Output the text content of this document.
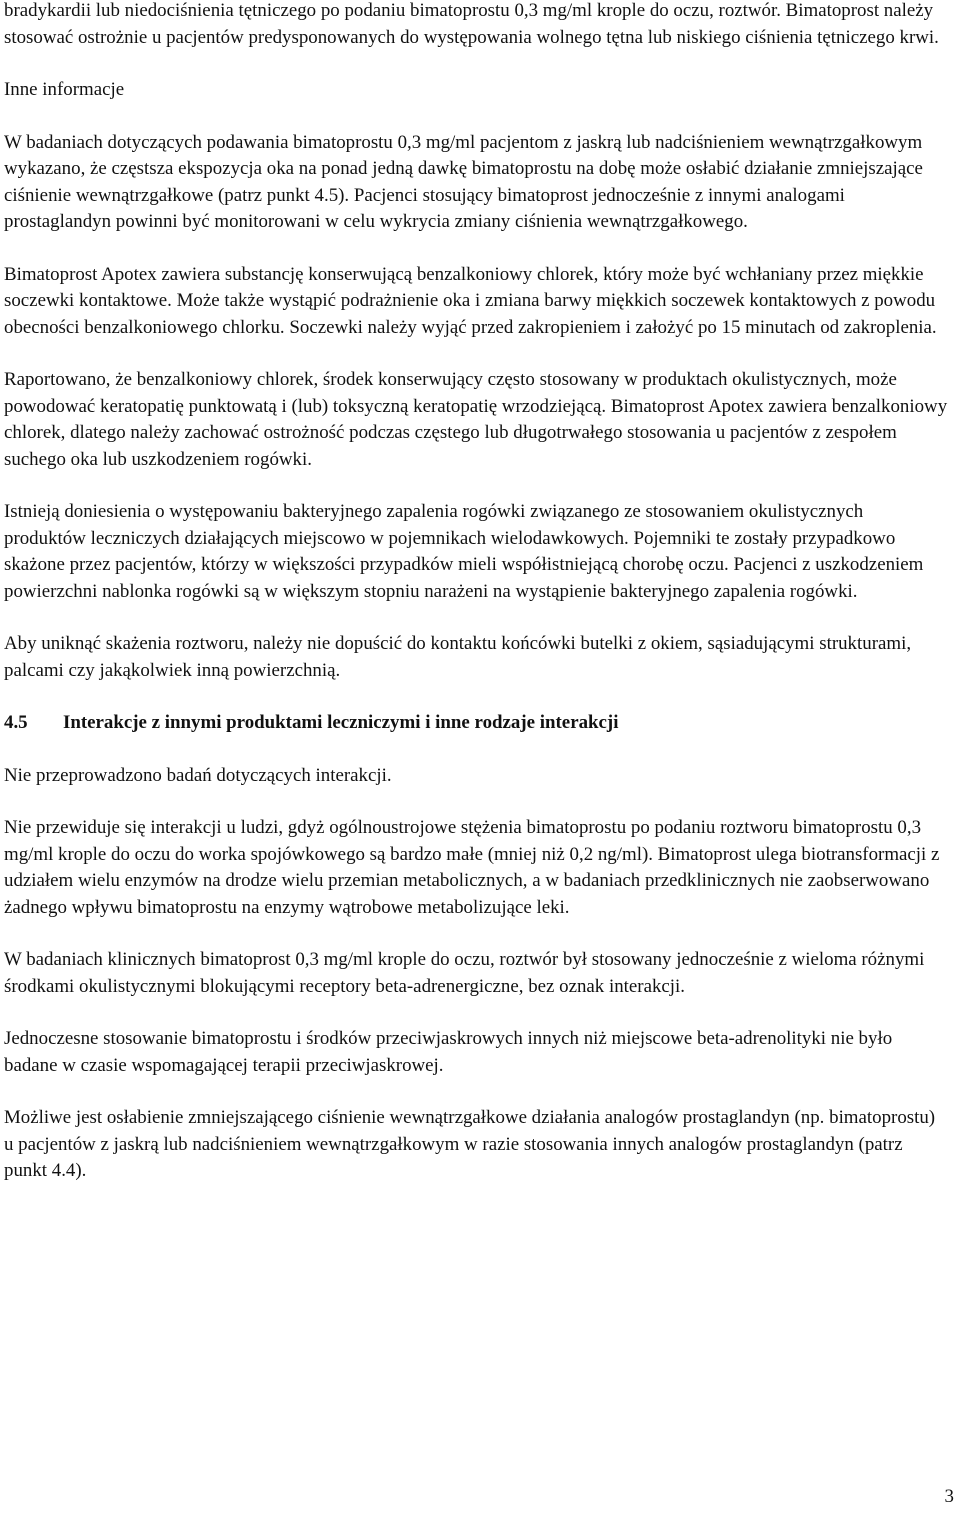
bradykardii lub niedociśnienia tętniczego po podaniu bimatoprostu 0,3 mg/ml krople do oczu, roztwór. Bimatoprost należy stosować ostrożnie u pacjentów predysponowanych do występowania wolnego tętna lub niskiego ciśnienia tętniczego krwi.

Inne informacje

W badaniach dotyczących podawania bimatoprostu 0,3 mg/ml pacjentom z jaskrą lub nadciśnieniem wewnątrzgałkowym wykazano, że częstsza ekspozycja oka na ponad jedną dawkę bimatoprostu na dobę może osłabić działanie zmniejszające ciśnienie wewnątrzgałkowe (patrz punkt 4.5). Pacjenci stosujący bimatoprost jednocześnie z innymi analogami prostaglandyn powinni być monitorowani w celu wykrycia zmiany ciśnienia wewnątrzgałkowego.

Bimatoprost Apotex zawiera substancję konserwującą benzalkoniowy chlorek, który może być wchłaniany przez miękkie soczewki kontaktowe. Może także wystąpić podrażnienie oka i zmiana barwy miękkich soczewek kontaktowych z powodu obecności benzalkoniowego chlorku. Soczewki należy wyjąć przed zakropieniem i założyć po 15 minutach od zakroplenia.

Raportowano, że benzalkoniowy chlorek, środek konserwujący często stosowany w produktach okulistycznych, może powodować keratopatię punktowatą i (lub) toksyczną keratopatię wrzodziejącą. Bimatoprost Apotex zawiera benzalkoniowy chlorek, dlatego należy zachować ostrożność podczas częstego lub długotrwałego stosowania u pacjentów z zespołem suchego oka lub uszkodzeniem rogówki.

Istnieją doniesienia o występowaniu bakteryjnego zapalenia rogówki związanego ze stosowaniem okulistycznych produktów leczniczych działających miejscowo w pojemnikach wielodawkowych. Pojemniki te zostały przypadkowo skażone przez pacjentów, którzy w większości przypadków mieli współistniejącą chorobę oczu. Pacjenci z uszkodzeniem powierzchni nablonka rogówki są w większym stopniu narażeni na wystąpienie bakteryjnego zapalenia rogówki.

Aby uniknąć skażenia roztworu, należy nie dopuścić do kontaktu końcówki butelki z okiem, sąsiadującymi strukturami, palcami czy jakąkolwiek inną powierzchnią.

4.5	Interakcje z innymi produktami leczniczymi i inne rodzaje interakcji

Nie przeprowadzono badań dotyczących interakcji.

Nie przewiduje się interakcji u ludzi, gdyż ogólnoustrojowe stężenia bimatoprostu po podaniu roztworu bimatoprostu 0,3 mg/ml krople do oczu do worka spojówkowego są bardzo małe (mniej niż 0,2 ng/ml). Bimatoprost ulega biotransformacji z udziałem wielu enzymów na drodze wielu przemian metabolicznych, a w badaniach przedklinicznych nie zaobserwowano żadnego wpływu bimatoprostu na enzymy wątrobowe metabolizujące leki.

W badaniach klinicznych bimatoprost 0,3 mg/ml krople do oczu, roztwór był stosowany jednocześnie z wieloma różnymi środkami okulistycznymi blokującymi receptory beta-adrenergiczne, bez oznak interakcji.

Jednoczesne stosowanie bimatoprostu i środków przeciwjaskrowych innych niż miejscowe beta-adrenolityki nie było badane w czasie wspomagającej terapii przeciwjaskrowej.

Możliwe jest osłabienie zmniejszającego ciśnienie wewnątrzgałkowe działania analogów prostaglandyn (np. bimatoprostu) u pacjentów z jaskrą lub nadciśnieniem wewnątrzgałkowym w razie stosowania innych analogów prostaglandyn (patrz punkt 4.4).

3
